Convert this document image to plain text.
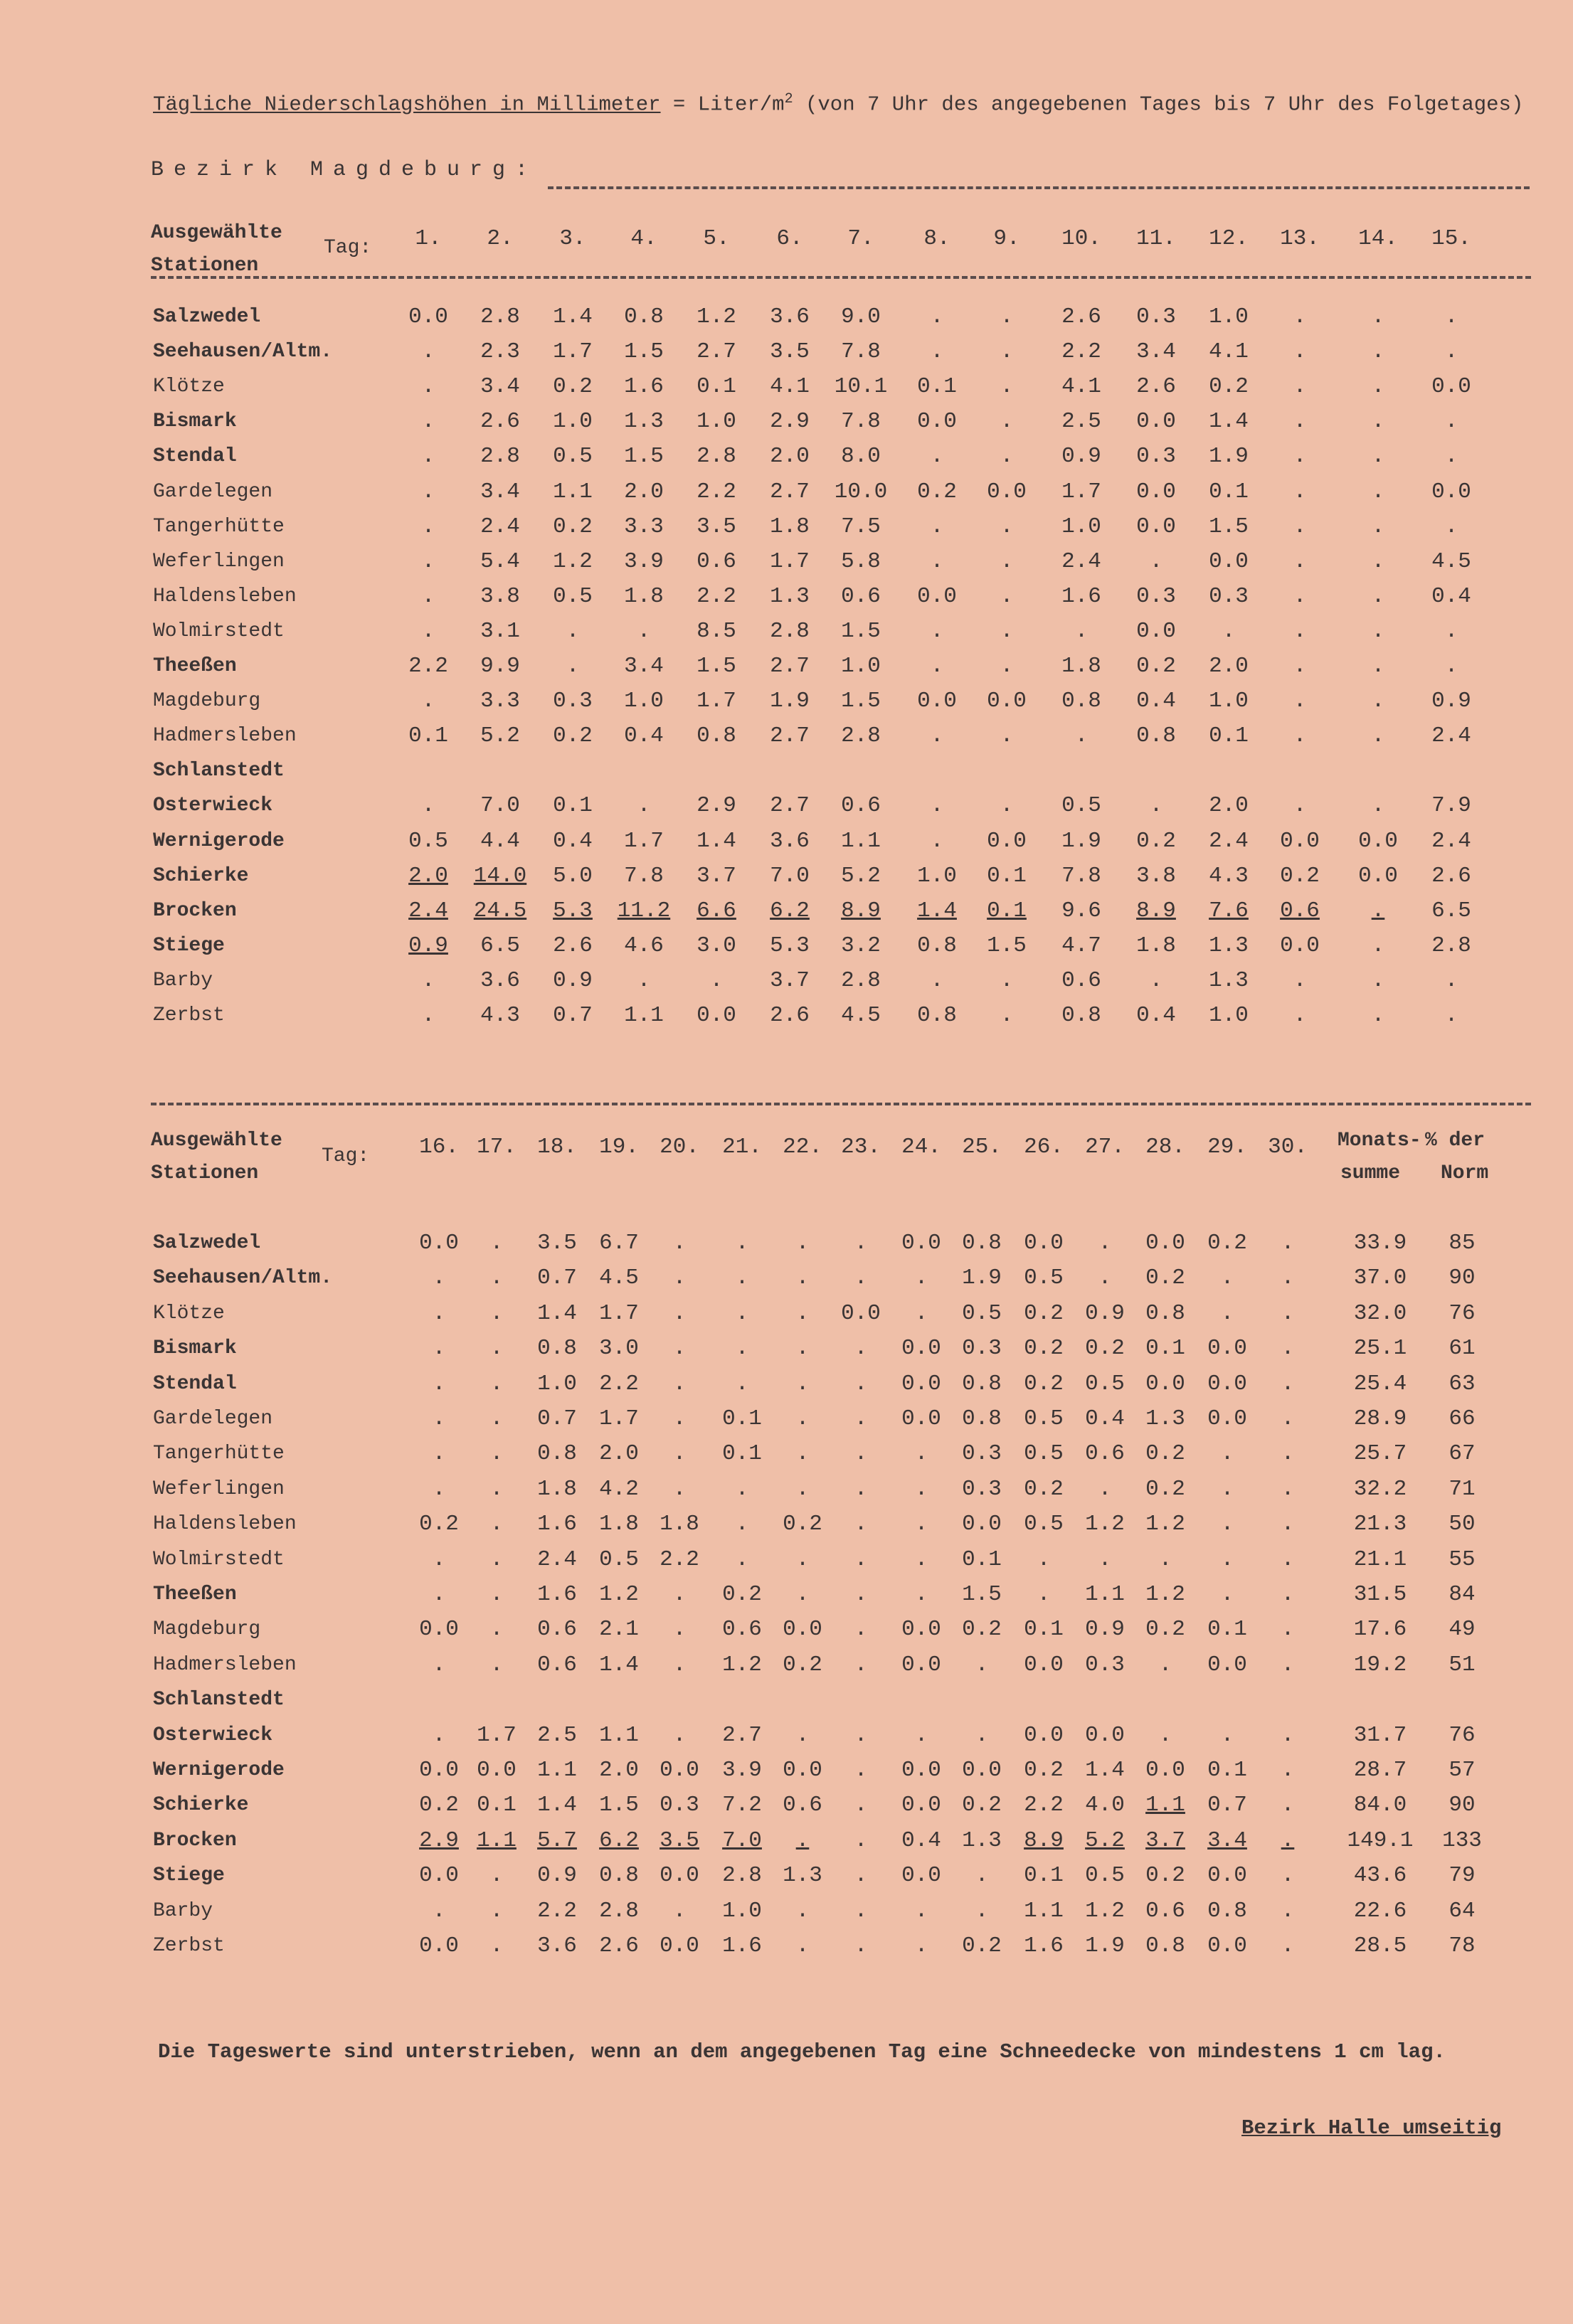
Tägliche Niederschlagshöhen in Millimeter = Liter/$m^2$ (von 7 Uhr des angegebenen Tages bis 7 Uhr des Folgetages)
Bezirk Magdeburg:
Ausgewählte
Stationen
Tag:	1.	2.	3.	4.	5.	6.	7.	8.	9.	10.	11.	12.	13.	14.	15.
Salzwedel	0.0	2.8	1.4	0.8	1.2	3.6	9.0	.	.	2.6	0.3	1.0	.	.	.
Seehausen/Altm.	.	2.3	1.7	1.5	2.7	3.5	7.8	.	.	2.2	3.4	4.1	.	.	.
Klötze	.	3.4	0.2	1.6	0.1	4.1	10.1	0.1	.	4.1	2.6	0.2	.	.	0.0
Bismark	.	2.6	1.0	1.3	1.0	2.9	7.8	0.0	.	2.5	0.0	1.4	.	.	.
Stendal	.	2.8	0.5	1.5	2.8	2.0	8.0	.	.	0.9	0.3	1.9	.	.	.
Gardelegen	.	3.4	1.1	2.0	2.2	2.7	10.0	0.2	0.0	1.7	0.0	0.1	.	.	0.0
Tangerhütte	.	2.4	0.2	3.3	3.5	1.8	7.5	.	.	1.0	0.0	1.5	.	.	.
Weferlingen	.	5.4	1.2	3.9	0.6	1.7	5.8	.	.	2.4	.	0.0	.	.	4.5
Haldensleben	.	3.8	0.5	1.8	2.2	1.3	0.6	0.0	.	1.6	0.3	0.3	.	.	0.4
Wolmirstedt	.	3.1	.	.	8.5	2.8	1.5	.	.	.	0.0	.	.	.	.
Theeßen	2.2	9.9	.	3.4	1.5	2.7	1.0	.	.	1.8	0.2	2.0	.	.	.
Magdeburg	.	3.3	0.3	1.0	1.7	1.9	1.5	0.0	0.0	0.8	0.4	1.0	.	.	0.9
Hadmersleben	0.1	5.2	0.2	0.4	0.8	2.7	2.8	.	.	.	0.8	0.1	.	.	2.4
Schlanstedt
Osterwieck	.	7.0	0.1	.	2.9	2.7	0.6	.	.	0.5	.	2.0	.	.	7.9
Wernigerode	0.5	4.4	0.4	1.7	1.4	3.6	1.1	.	0.0	1.9	0.2	2.4	0.0	0.0	2.4
Schierke	2.0	14.0	5.0	7.8	3.7	7.0	5.2	1.0	0.1	7.8	3.8	4.3	0.2	0.0	2.6
Brocken	2.4	24.5	5.3	11.2	6.6	6.2	8.9	1.4	0.1	9.6	8.9	7.6	0.6	.	6.5
Stiege	0.9	6.5	2.6	4.6	3.0	5.3	3.2	0.8	1.5	4.7	1.8	1.3	0.0	.	2.8
Barby	.	3.6	0.9	.	.	3.7	2.8	.	.	0.6	.	1.3	.	.	.
Zerbst	.	4.3	0.7	1.1	0.0	2.6	4.5	0.8	.	0.8	0.4	1.0	.	.	.
Ausgewählte
Stationen
Tag:
Monats-
summe
% der
Norm
16. 17. 18.	19. 20.	21. 22. 23. 24. 25.	26. 27. 28.	29. 30.
Salzwedel	0.0	.	3.5	6.7	.	.	.	.	0.0 0.8	0.0	.	0.0	0.2	.	33.9	85
Seehausen/Altm.	.	.	0.7	4.5	.	.	.	.	.	1.9	0.5	.	0.2	.	.	37.0	90
Klötze	.	.	1.4	1.7	.	.	.	0.0	.	0.5	0.2 0.9 0.8	.	.	32.0	76
Bismark	.	.	0.8	3.0	.	.	.	.	0.0 0.3	0.2 0.2 0.1	0.0	.	25.1	61
Stendal	.	.	1.0	2.2	.	.	.	.	0.0 0.8	0.2 0.5 0.0	0.0	.	25.4	63
Gardelegen	.	.	0.7	1.7	.	0.1	.	.	0.0 0.8	0.5 0.4 1.3	0.0	.	28.9	66
Tangerhütte	.	.	0.8	2.0	.	0.1	.	.	.	0.3	0.5 0.6 0.2	.	.	25.7	67
Weferlingen	.	.	1.8	4.2	.	.	.	.	.	0.3	0.2	.	0.2	.	.	32.2	71
Haldensleben	0.2	.	1.6	1.8 1.8	.	0.2	.	.	0.0	0.5 1.2 1.2	.	.	21.3	50
Wolmirstedt	.	.	2.4	0.5 2.2	.	.	.	.	0.1	.	.	.	.	.	21.1	55
Theeßen	.	.	1.6	1.2	.	0.2	.	.	.	1.5	.	1.1 1.2	.	.	31.5	84
Magdeburg	0.0	.	0.6	2.1	.	0.6 0.0	.	0.0 0.2	0.1 0.9 0.2	0.1	.	17.6	49
Hadmersleben	.	.	0.6	1.4	.	1.2 0.2	.	0.0	.	0.0 0.3	.	0.0	.	19.2	51
Schlanstedt
Osterwieck	.	1.7 2.5	1.1	.	2.7	.	.	.	.	0.0 0.0	.	.	.	31.7	76
Wernigerode	0.0 0.0 1.1	2.0 0.0	3.9 0.0	.	0.0 0.0	0.2 1.4 0.0	0.1	.	28.7	57
Schierke	0.2 0.1 1.4	1.5 0.3	7.2 0.6	.	0.0 0.2	2.2 4.0 1.1	0.7	.	84.0	90
Brocken	2.9 1.1 5.7	6.2 3.5	7.0	.	.	0.4 1.3	8.9 5.2 3.7	3.4	.	149.1	133
Stiege	0.0	.	0.9	0.8 0.0	2.8 1.3	.	0.0	.	0.1 0.5 0.2	0.0	.	43.6	79
Barby	.	.	2.2	2.8	.	1.0	.	.	.	.	1.1 1.2 0.6	0.8	.	22.6	64
Zerbst	0.0	.	3.6	2.6 0.0	1.6	.	.	.	0.2	1.6 1.9 0.8	0.0	.	28.5	78
Die Tageswerte sind unterstrieben, wenn an dem angegebenen Tag eine Schneedecke von mindestens 1 cm lag.
Bezirk Halle umseitig
